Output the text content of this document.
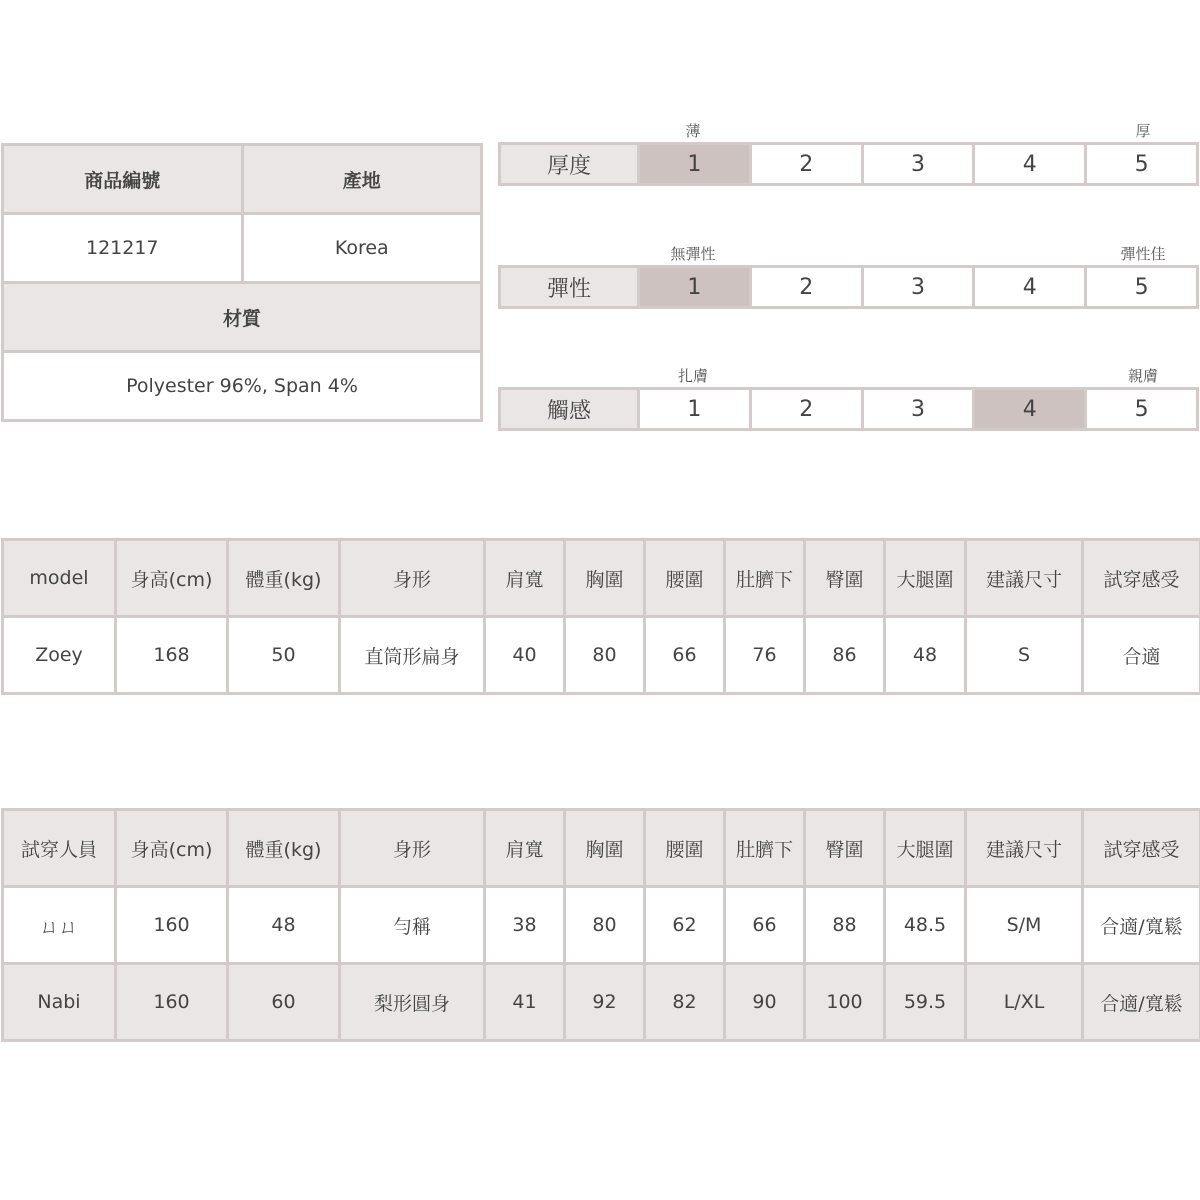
商品編號	產地
121217	Korea
材質	
Polyester 96%, Span 4%	
薄	厚
厚度	1	2	3	4	5
無彈性	彈性佳
彈性	1	2	3	4	5
扎膚	親膚
觸感	1	2	3	4	5
model	身高(cm)	體重(kg)	身形	肩寬	胸圍	腰圍	肚臍下	臀圍	大腿圍	建議尺寸	試穿感受
Zoey	168	50	直筒形扁身	40	80	66	76	86	48	S	合適
試穿人員	身高(cm)	體重(kg)	身形	肩寬	胸圍	腰圍	肚臍下	臀圍	大腿圍	建議尺寸	試穿感受
ㄩㄩ	160	48	勻稱	38	80	62	66	88	48.5	S/M	合適/寬鬆
Nabi	160	60	梨形圓身	41	92	82	90	100	59.5	L/XL	合適/寬鬆
